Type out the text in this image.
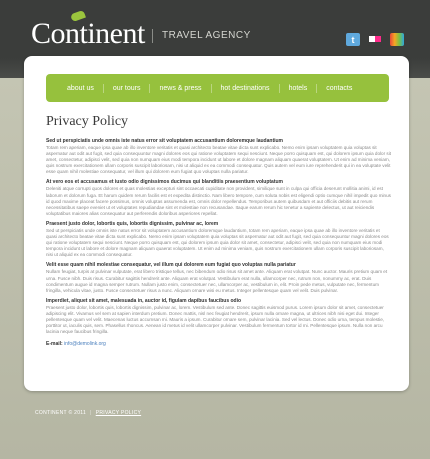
Continent TRAVEL AGENCY	t
about us	our tours	news & press	hot destinations	hotels	contacts
Privacy Policy
Sed ut perspiciatis unde omnis iste natus error sit voluptatem accusantium doloremque laudantium
Totam rem aperiam, eaque ipsa quae ab illo inventore veritatis et quasi architecto beatae vitae dicta sunt explicabo. Nemo enim ipsam voluptatem quia voluptas sit aspernatur aut odit aut fugit, sed quia consequuntur magni dolores eos qui ratione voluptatem sequi nesciunt. Neque porro quisquam est, qui dolorem ipsum quia dolor sit amet, consectetur, adipisci velit, sed quia non numquam eius modi tempora incidunt ut labore et dolore magnam aliquam quaerat voluptatem. Ut enim ad minima veniam, quis nostrum exercitationem ullam corporis suscipit laboriosam, nisi ut aliquid ex ea commodi consequatur. Quis autem vel eum iure reprehenderit qui in ea voluptate velit esse quam nihil molestiae consequatur, vel illum qui dolorem eum fugiat quo voluptas nulla pariatur.
At vero eos et accusamus et iusto odio dignissimos ducimus qui blanditiis praesentium voluptatum
Deleniti atque corrupti quos dolores et quas molestias excepturi sint occaecati cupiditate non provident, similique sunt in culpa qui officia deserunt mollitia animi, id est laborum et dolorum fuga. Et harum quidem rerum facilis est et expedita distinctio. Nam libero tempore, cum soluta nobis est eligendi optio cumque nihil impedit quo minus id quod maxime placeat facere possimus, omnis voluptas assumenda est, omnis dolor repellendus. Temporibus autem quibusdam et aut officiis debitis aut rerum necessitatibus saepe eveniet ut et voluptates repudiandae sint et molestiae non recusandae. Itaque earum rerum hic tenetur a sapiente delectus, ut aut reiciendis voluptatibus maiores alias consequatur aut perferendis doloribus asperiores repellat.
Praesent justo dolor, lobortis quis, lobortis dignissim, pulvinar ac, lorem
Sed ut perspiciatis unde omnis iste natus error sit voluptatem accusantium doloremque laudantium, totam rem aperiam, eaque ipsa quae ab illo inventore veritatis et quasi architecto beatae vitae dicta sunt explicabo. Nemo enim ipsam voluptatem quia voluptas sit aspernatur aut odit aut fugit, sed quia consequuntur magni dolores eos qui ratione voluptatem sequi nesciunt. Neque porro quisquam est, qui dolorem ipsum quia dolor sit amet, consectetur, adipisci velit, sed quia non numquam eius modi tempora incidunt ut labore et dolore magnam aliquam quaerat voluptatem. Ut enim ad minima veniam, quis nostrum exercitationem ullam corporis suscipit laboriosam, nisi ut aliquid ex ea commodi consequatur.
Velit esse quam nihil molestiae consequatur, vel illum qui dolorem eum fugiat quo voluptas nulla pariatur
Nullam feugiat, turpis at pulvinar vulputate, erat libero tristique tellus, nec bibendum odio risus sit amet ante. Aliquam erat volutpat. Nunc auctor. Mauris pretium quam et urna. Fusce nibh. Duis risus. Curabitur sagittis hendrerit ante. Aliquam erat volutpat. Vestibulum erat nulla, ullamcorper nec, rutrum non, nonummy ac, erat. Duis condimentum augue id magna semper rutrum. Nullam justo enim, consectetuer nec, ullamcorper ac, vestibulum in, elit. Proin pede metus, vulputate nec, fermentum fringilla, vehicula vitae, justo. Fusce consectetuer risus a nunc. Aliquam ornare wisi eu metus. Integer pellentesque quam vel velit. Duis pulvinar.
Imperdiet, aliquet sit amet, malesuada in, auctor id, figulam dapibus faucibus odio
Praesent justo dolor, lobortis quis, lobortis dignissim, pulvinar ac, lorem. Vestibulum sed ante. Donec sagittis euismod purus. Lorem ipsum dolor sit amet, consectetuer adipiscing elit. Vivamus vel sem at sapien interdum pretium. Donec mattis, nisl nec feugiat hendrerit, ipsum nulla ornare magna, ut ultrices nibh nisi eget dui. Integer pellentesque quam vel velit. Maecenas luctus accumsan mi. Mauris a ipsum. Curabitur ornare sem, pulvinar lacinia. Sed vel lectus. Donec odio urna, tempus molestie, porttitor ut, iaculis quis, sem. Phasellus rhoncus. Aenean id metus id velit ullamcorper pulvinar. Vestibulum fermentum tortor id mi. Pellentesque ipsum. Nulla non arcu lacinia neque faucibus fringilla.
E-mail: info@demolink.org
CONTINENT © 2011 | PRIVACY POLICY
